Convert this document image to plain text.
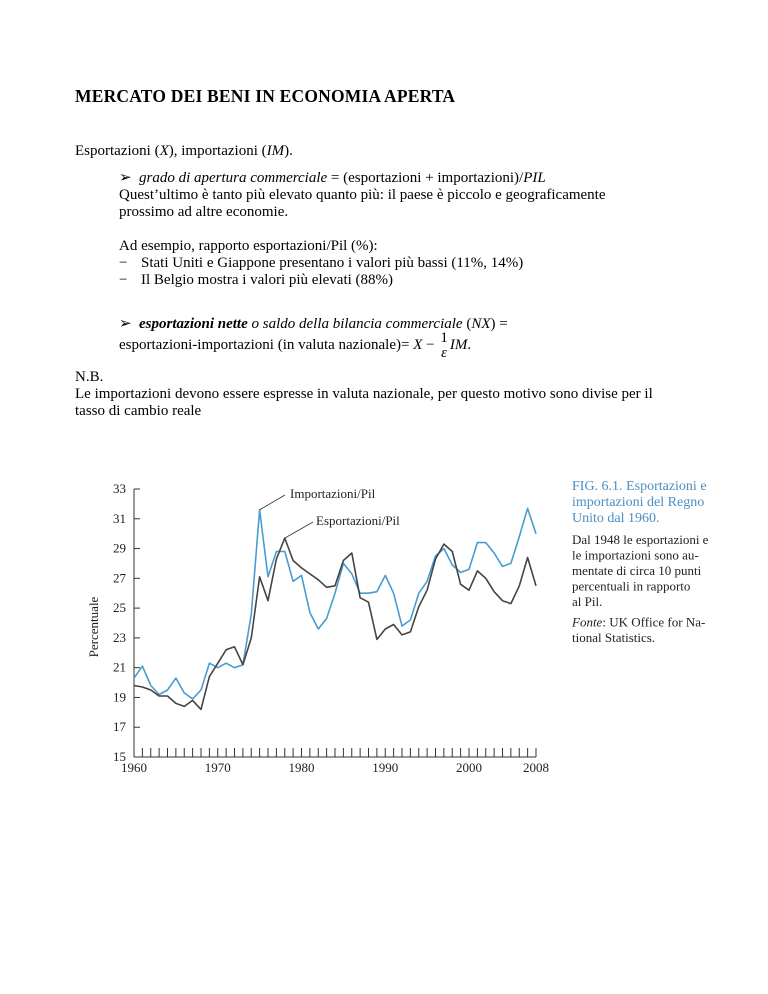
MERCATO DEI BENI IN ECONOMIA APERTA
Esportazioni (X), importazioni (IM).
➢ grado di apertura commerciale = (esportazioni + importazioni)/PIL
Quest’ultimo è tanto più elevato quanto più: il paese è piccolo e geograficamente
prossimo ad altre economie.
Ad esempio, rapporto esportazioni/Pil (%):
− Stati Uniti e Giappone presentano i valori più bassi (11%, 14%)
− Il Belgio mostra i valori più elevati (88%)
➢ esportazioni nette o saldo della bilancia commerciale (NX) =
esportazioni-importazioni (in valuta nazionale)= X − 1
ε IM.
N.B.
Le importazioni devono essere espresse in valuta nazionale, per questo motivo sono divise per il
tasso di cambio reale
15
17
19
21
23
25
27
29
31
33
1960	1970	1980	1990	2000	2008
Percentuale
Importazioni/Pil
Esportazioni/Pil
FIG. 6.1. Esportazioni e
importazioni del Regno
Unito dal 1960.
Dal 1948 le esportazioni e
le importazioni sono au-
mentate di circa 10 punti
percentuali in rapporto
al Pil.
Fonte: UK Office for Na-
tional Statistics.
